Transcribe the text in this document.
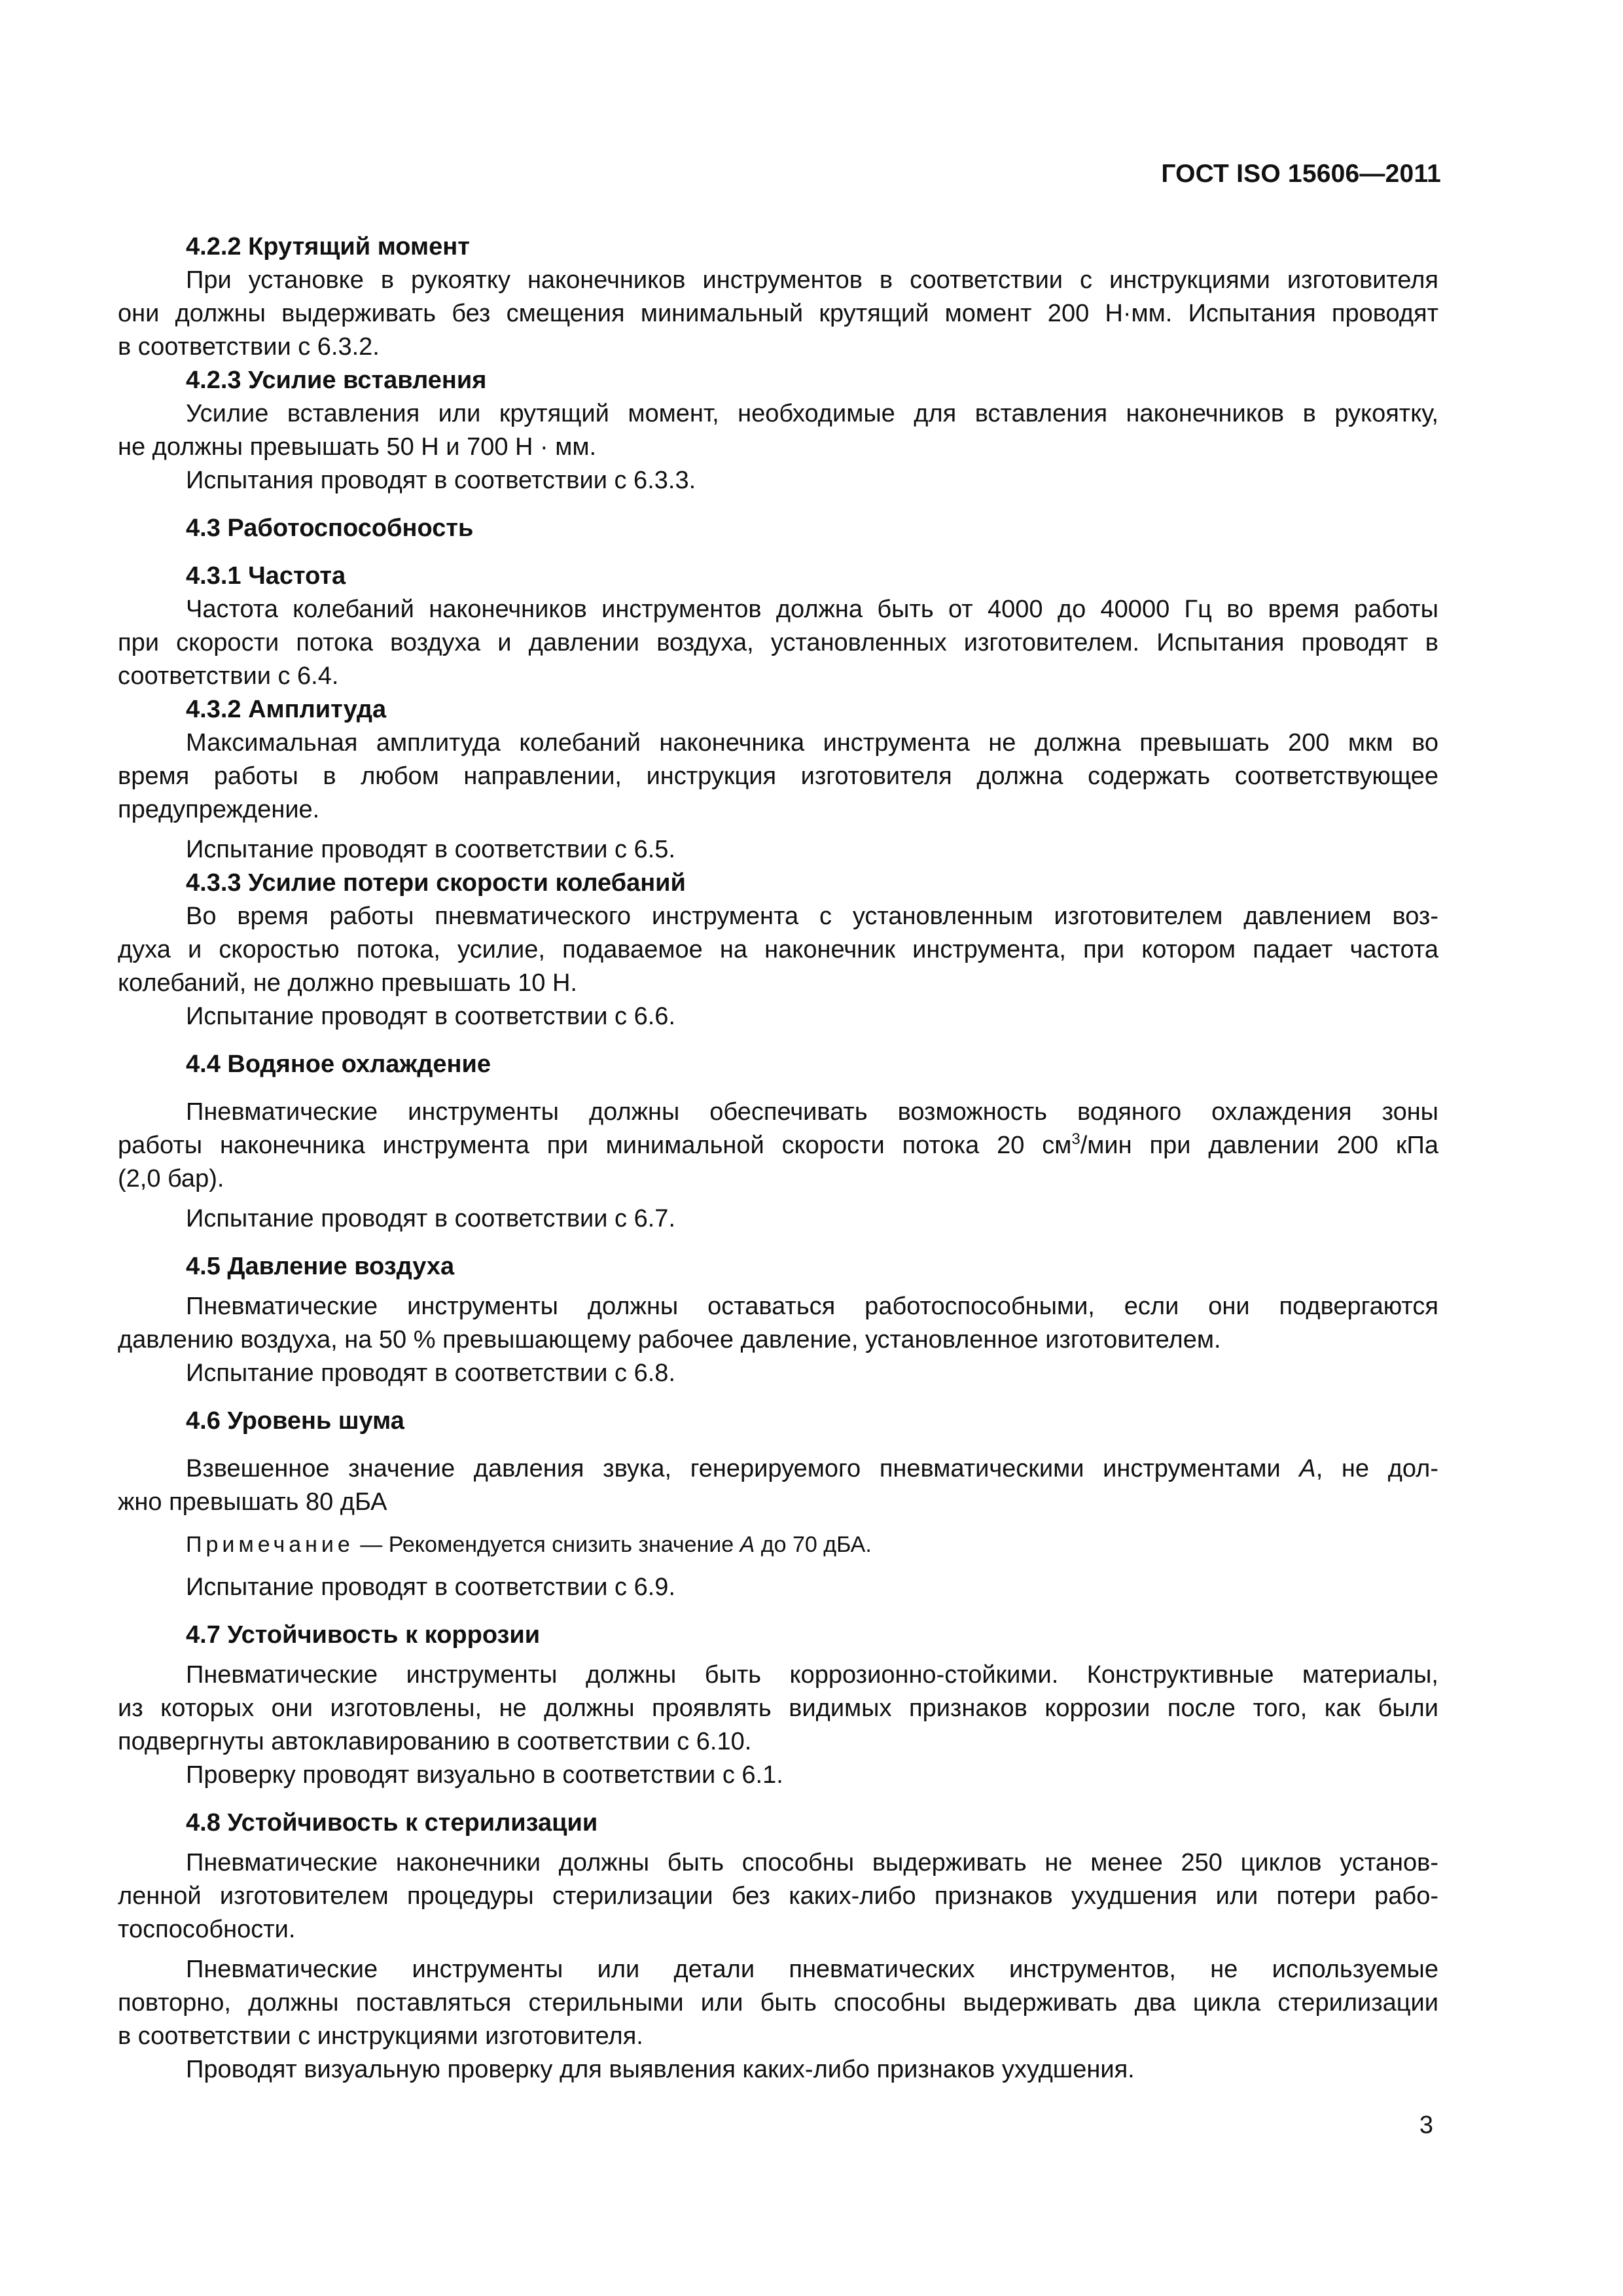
ГОСТ ISO 15606—2011

4.2.2 Крутящий момент

При установке в рукоятку наконечников инструментов в соответствии с инструкциями изготовителя
они должны выдерживать без смещения минимальный крутящий момент 200 Н·мм. Испытания проводят
в соответствии с 6.3.2.

4.2.3 Усилие вставления

Усилие вставления или крутящий момент, необходимые для вставления наконечников в рукоятку,
не должны превышать 50 Н и 700 Н · мм.
Испытания проводят в соответствии с 6.3.3.

4.3 Работоспособность

4.3.1 Частота

Частота колебаний наконечников инструментов должна быть от 4000 до 40000 Гц во время работы
при скорости потока воздуха и давлении воздуха, установленных изготовителем. Испытания проводят в
соответствии с 6.4.

4.3.2 Амплитуда

Максимальная амплитуда колебаний наконечника инструмента не должна превышать 200 мкм во
время работы в любом направлении, инструкция изготовителя должна содержать соответствующее
предупреждение.
Испытание проводят в соответствии с 6.5.

4.3.3 Усилие потери скорости колебаний

Во время работы пневматического инструмента с установленным изготовителем давлением воз-
духа и скоростью потока, усилие, подаваемое на наконечник инструмента, при котором падает частота
колебаний, не должно превышать 10 Н.
Испытание проводят в соответствии с 6.6.

4.4 Водяное охлаждение

Пневматические инструменты должны обеспечивать возможность водяного охлаждения зоны
работы наконечника инструмента при минимальной скорости потока 20 $см^3$/мин при давлении 200 кПа
(2,0 бар).
Испытание проводят в соответствии с 6.7.

4.5 Давление воздуха

Пневматические инструменты должны оставаться работоспособными, если они подвергаются
давлению воздуха, на 50 % превышающему рабочее давление, установленное изготовителем.
Испытание проводят в соответствии с 6.8.

4.6 Уровень шума

Взвешенное значение давления звука, генерируемого пневматическими инструментами А, не дол-
жно превышать 80 дБА

Примечание — Рекомендуется снизить значение А до 70 дБА.

Испытание проводят в соответствии с 6.9.

4.7 Устойчивость к коррозии

Пневматические инструменты должны быть коррозионно-стойкими. Конструктивные материалы,
из которых они изготовлены, не должны проявлять видимых признаков коррозии после того, как были
подвергнуты автоклавированию в соответствии с 6.10.
Проверку проводят визуально в соответствии с 6.1.

4.8 Устойчивость к стерилизации

Пневматические наконечники должны быть способны выдерживать не менее 250 циклов установ-
ленной изготовителем процедуры стерилизации без каких-либо признаков ухудшения или потери рабо-
тоспособности.
Пневматические инструменты или детали пневматических инструментов, не используемые
повторно, должны поставляться стерильными или быть способны выдерживать два цикла стерилизации
в соответствии с инструкциями изготовителя.
Проводят визуальную проверку для выявления каких-либо признаков ухудшения.
3
